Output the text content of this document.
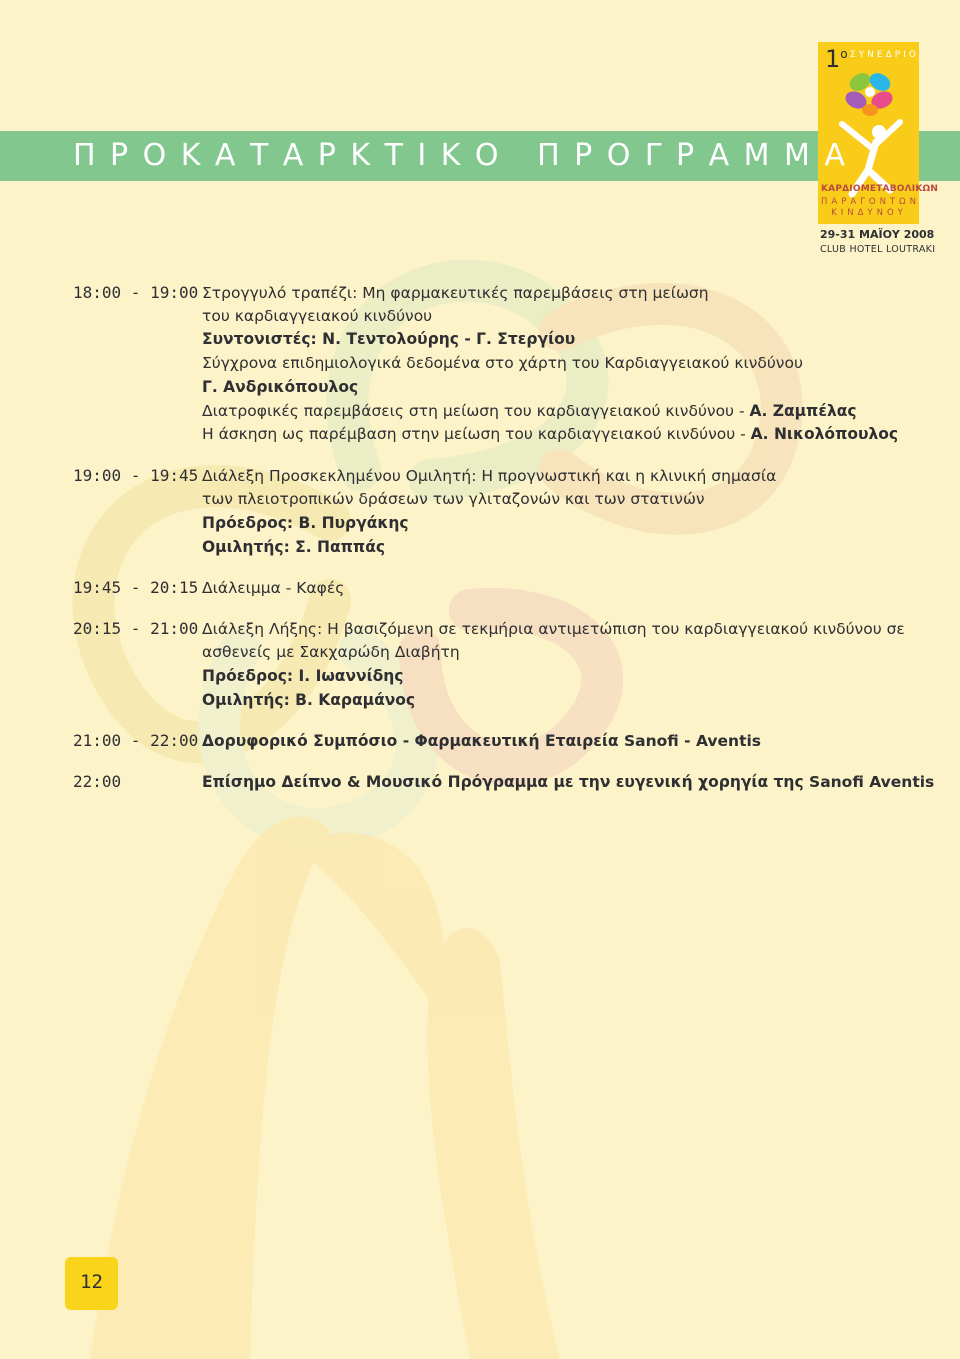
ΠΡΟΚΑΤΑΡΚΤΙΚΟ ΠΡΟΓΡΑΜΜΑ
$1^o$ ΣΥΝΕΔΡΙΟ
ΚΑΡΔΙΟΜΕΤΑΒΟΛΙΚΩΝ
ΠΑΡΑΓΟΝΤΩΝ
ΚΙΝΔΥΝΟΥ
29-31 ΜΑΪΟΥ 2008
CLUB HOTEL LOUTRAKI
18:00 - 19:00 Στρογγυλό τραπέζι: Μη φαρμακευτικές παρεμβάσεις στη μείωση
του καρδιαγγειακού κινδύνου
Συντονιστές: Ν. Τεντολούρης - Γ. Στεργίου
Σύγχρονα επιδημιολογικά δεδομένα στο χάρτη του Καρδιαγγειακού κινδύνου
Γ. Ανδρικόπουλος
Διατροφικές παρεμβάσεις στη μείωση του καρδιαγγειακού κινδύνου - Α. Ζαμπέλας
Η άσκηση ως παρέμβαση στην μείωση του καρδιαγγειακού κινδύνου - Α. Νικολόπουλος
19:00 - 19:45 Διάλεξη Προσκεκλημένου Ομιλητή: Η προγνωστική και η κλινική σημασία
των πλειοτροπικών δράσεων των γλιταζονών και των στατινών
Πρόεδρος: Β. Πυργάκης
Ομιλητής: Σ. Παππάς
19:45 - 20:15 Διάλειμμα - Καφές
20:15 - 21:00 Διάλεξη Λήξης: Η βασιζόμενη σε τεκμήρια αντιμετώπιση του καρδιαγγειακού κινδύνου σε
ασθενείς με Σακχαρώδη Διαβήτη
Πρόεδρος: Ι. Ιωαννίδης
Ομιλητής: Β. Καραμάνος
21:00 - 22:00 Δορυφορικό Συμπόσιο - Φαρμακευτική Εταιρεία Sanofi - Aventis
22:00	Επίσημο Δείπνο & Μουσικό Πρόγραμμα με την ευγενική χορηγία της Sanofi Aventis
12
